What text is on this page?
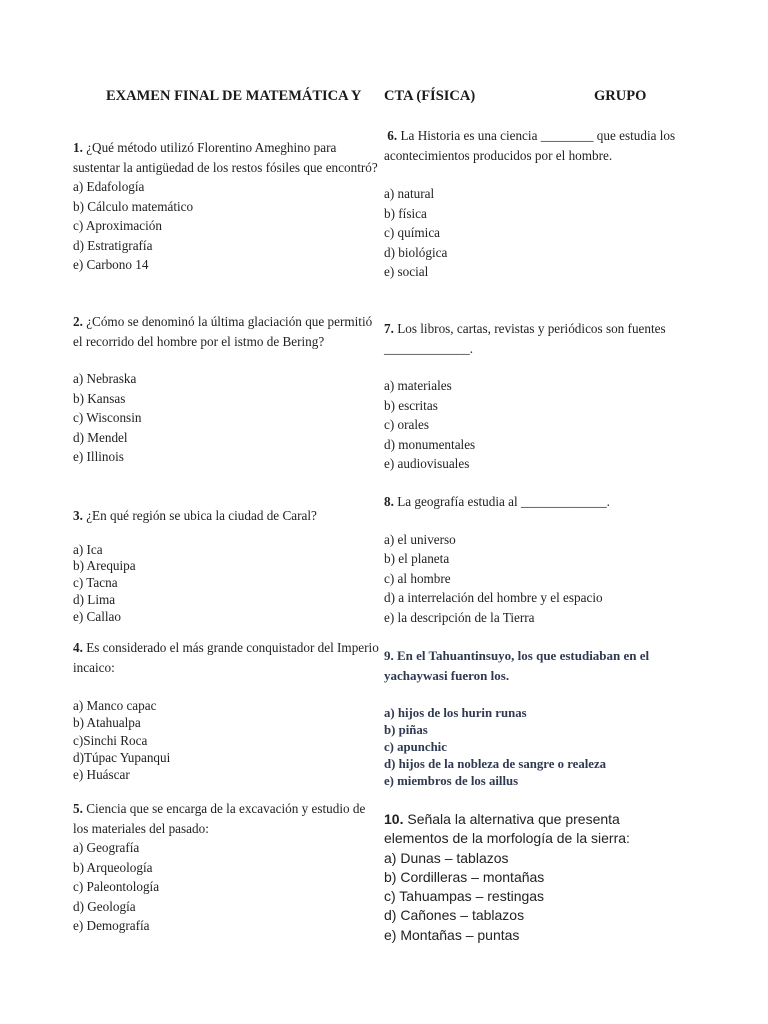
EXAMEN FINAL DE MATEMÁTICA Y CTA (FÍSICA)	GRUPO

1. ¿Qué método utilizó Florentino Ameghino para sustentar la antigüedad de los restos fósiles que encontró?

a) Edafología
b) Cálculo matemático
c) Aproximación
d) Estratigrafía
e) Carbono 14

2. ¿Cómo se denominó la última glaciación que permitió el recorrido del hombre por el istmo de Bering?

a) Nebraska
b) Kansas
c) Wisconsin
d) Mendel
e) Illinois

3. ¿En qué región se ubica la ciudad de Caral?

a) Ica
b) Arequipa
c) Tacna
d) Lima
e) Callao

4. Es considerado el más grande conquistador del Imperio incaico:

a) Manco capac
b) Atahualpa
c)Sinchi Roca
d)Túpac Yupanqui
e) Huáscar

5. Ciencia que se encarga de la excavación y estudio de los materiales del pasado:

a) Geografía
b) Arqueología
c) Paleontología
d) Geología
e) Demografía

6. La Historia es una ciencia ________ que estudia los acontecimientos producidos por el hombre.

a) natural
b) física
c) química
d) biológica
e) social

7. Los libros, cartas, revistas y periódicos son fuentes _____________.

a) materiales
b) escritas
c) orales
d) monumentales
e) audiovisuales

8. La geografía estudia al _____________.

a) el universo
b) el planeta
c) al hombre
d) a interrelación del hombre y el espacio
e) la descripción de la Tierra

9. En el Tahuantinsuyo, los que estudiaban en el yachaywasi fueron los.

a) hijos de los hurin runas
b) piñas
c) apunchic
d) hijos de la nobleza de sangre o realeza
e) miembros de los aillus

10. Señala la alternativa que presenta elementos de la morfología de la sierra:

a) Dunas – tablazos
b) Cordilleras – montañas
c) Tahuampas – restingas
d) Cañones – tablazos
e) Montañas – puntas
